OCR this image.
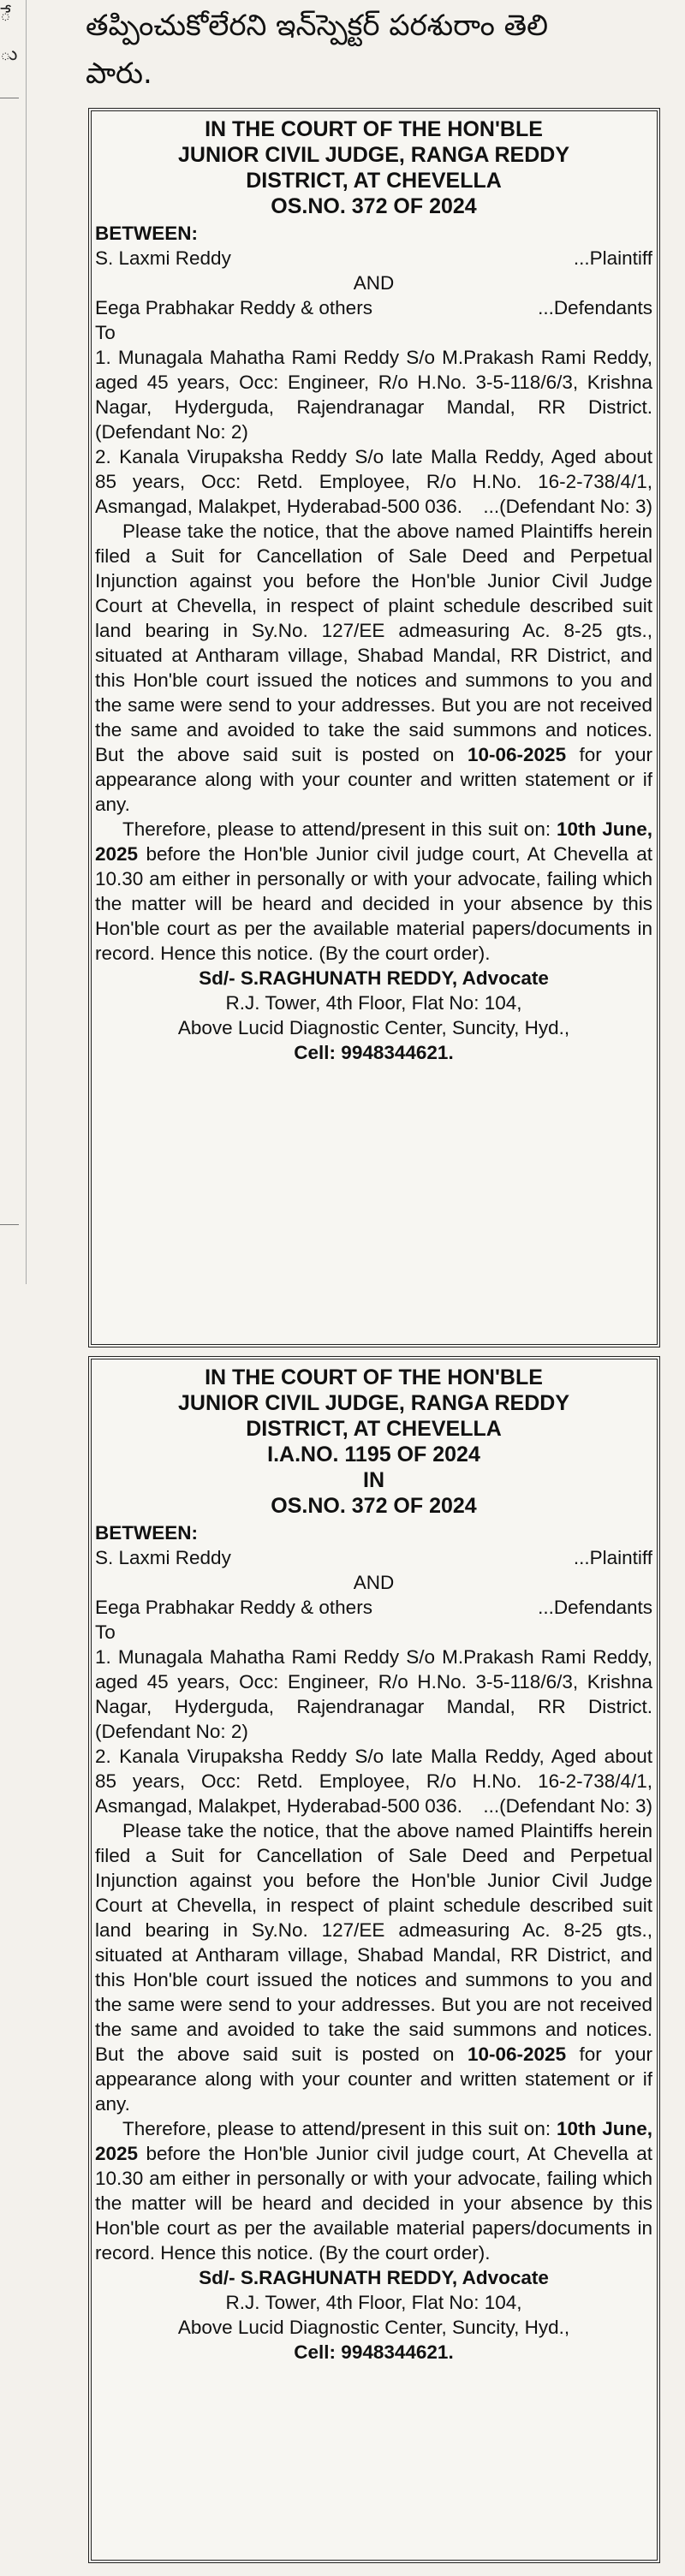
ే
ు
తప్పించుకోలేరని ఇన్‌స్పెక్టర్ పరశురాం తెలి
పారు.
IN THE COURT OF THE HON'BLE
JUNIOR CIVIL JUDGE, RANGA REDDY
DISTRICT, AT CHEVELLA
OS.NO. 372 OF 2024
BETWEEN:
S. Laxmi Reddy	...Plaintiff
AND
Eega Prabhakar Reddy & others	...Defendants
To
1. Munagala Mahatha Rami Reddy S/o M.Prakash Rami Reddy, aged 45 years, Occ: Engineer, R/o H.No. 3-5-118/6/3, Krishna Nagar, Hyderguda, Rajendranagar Mandal, RR District. (Defendant No: 2)
2. Kanala Virupaksha Reddy S/o late Malla Reddy, Aged about 85 years, Occ: Retd. Employee, R/o H.No. 16-2-738/4/1, Asmangad, Malakpet, Hyderabad-500 036. ...(Defendant No: 3)
Please take the notice, that the above named Plaintiffs herein filed a Suit for Cancellation of Sale Deed and Perpetual Injunction against you before the Hon'ble Junior Civil Judge Court at Chevella, in respect of plaint schedule described suit land bearing in Sy.No. 127/EE admeasuring Ac. 8-25 gts., situated at Antharam village, Shabad Mandal, RR District, and this Hon'ble court issued the notices and summons to you and the same were send to your addresses. But you are not received the same and avoided to take the said summons and notices. But the above said suit is posted on 10-06-2025 for your appearance along with your counter and written statement or if any.
Therefore, please to attend/present in this suit on: 10th June, 2025 before the Hon'ble Junior civil judge court, At Chevella at 10.30 am either in personally or with your advocate, failing which the matter will be heard and decided in your absence by this Hon'ble court as per the available material papers/documents in record. Hence this notice. (By the court order).
Sd/- S.RAGHUNATH REDDY, Advocate
R.J. Tower, 4th Floor, Flat No: 104,
Above Lucid Diagnostic Center, Suncity, Hyd.,
Cell: 9948344621.
IN THE COURT OF THE HON'BLE
JUNIOR CIVIL JUDGE, RANGA REDDY
DISTRICT, AT CHEVELLA
I.A.NO. 1195 OF 2024
IN
OS.NO. 372 OF 2024
BETWEEN:
S. Laxmi Reddy	...Plaintiff
AND
Eega Prabhakar Reddy & others	...Defendants
To
1. Munagala Mahatha Rami Reddy S/o M.Prakash Rami Reddy, aged 45 years, Occ: Engineer, R/o H.No. 3-5-118/6/3, Krishna Nagar, Hyderguda, Rajendranagar Mandal, RR District. (Defendant No: 2)
2. Kanala Virupaksha Reddy S/o late Malla Reddy, Aged about 85 years, Occ: Retd. Employee, R/o H.No. 16-2-738/4/1, Asmangad, Malakpet, Hyderabad-500 036. ...(Defendant No: 3)
Please take the notice, that the above named Plaintiffs herein filed a Suit for Cancellation of Sale Deed and Perpetual Injunction against you before the Hon'ble Junior Civil Judge Court at Chevella, in respect of plaint schedule described suit land bearing in Sy.No. 127/EE admeasuring Ac. 8-25 gts., situated at Antharam village, Shabad Mandal, RR District, and this Hon'ble court issued the notices and summons to you and the same were send to your addresses. But you are not received the same and avoided to take the said summons and notices. But the above said suit is posted on 10-06-2025 for your appearance along with your counter and written statement or if any.
Therefore, please to attend/present in this suit on: 10th June, 2025 before the Hon'ble Junior civil judge court, At Chevella at 10.30 am either in personally or with your advocate, failing which the matter will be heard and decided in your absence by this Hon'ble court as per the available material papers/documents in record. Hence this notice. (By the court order).
Sd/- S.RAGHUNATH REDDY, Advocate
R.J. Tower, 4th Floor, Flat No: 104,
Above Lucid Diagnostic Center, Suncity, Hyd.,
Cell: 9948344621.
